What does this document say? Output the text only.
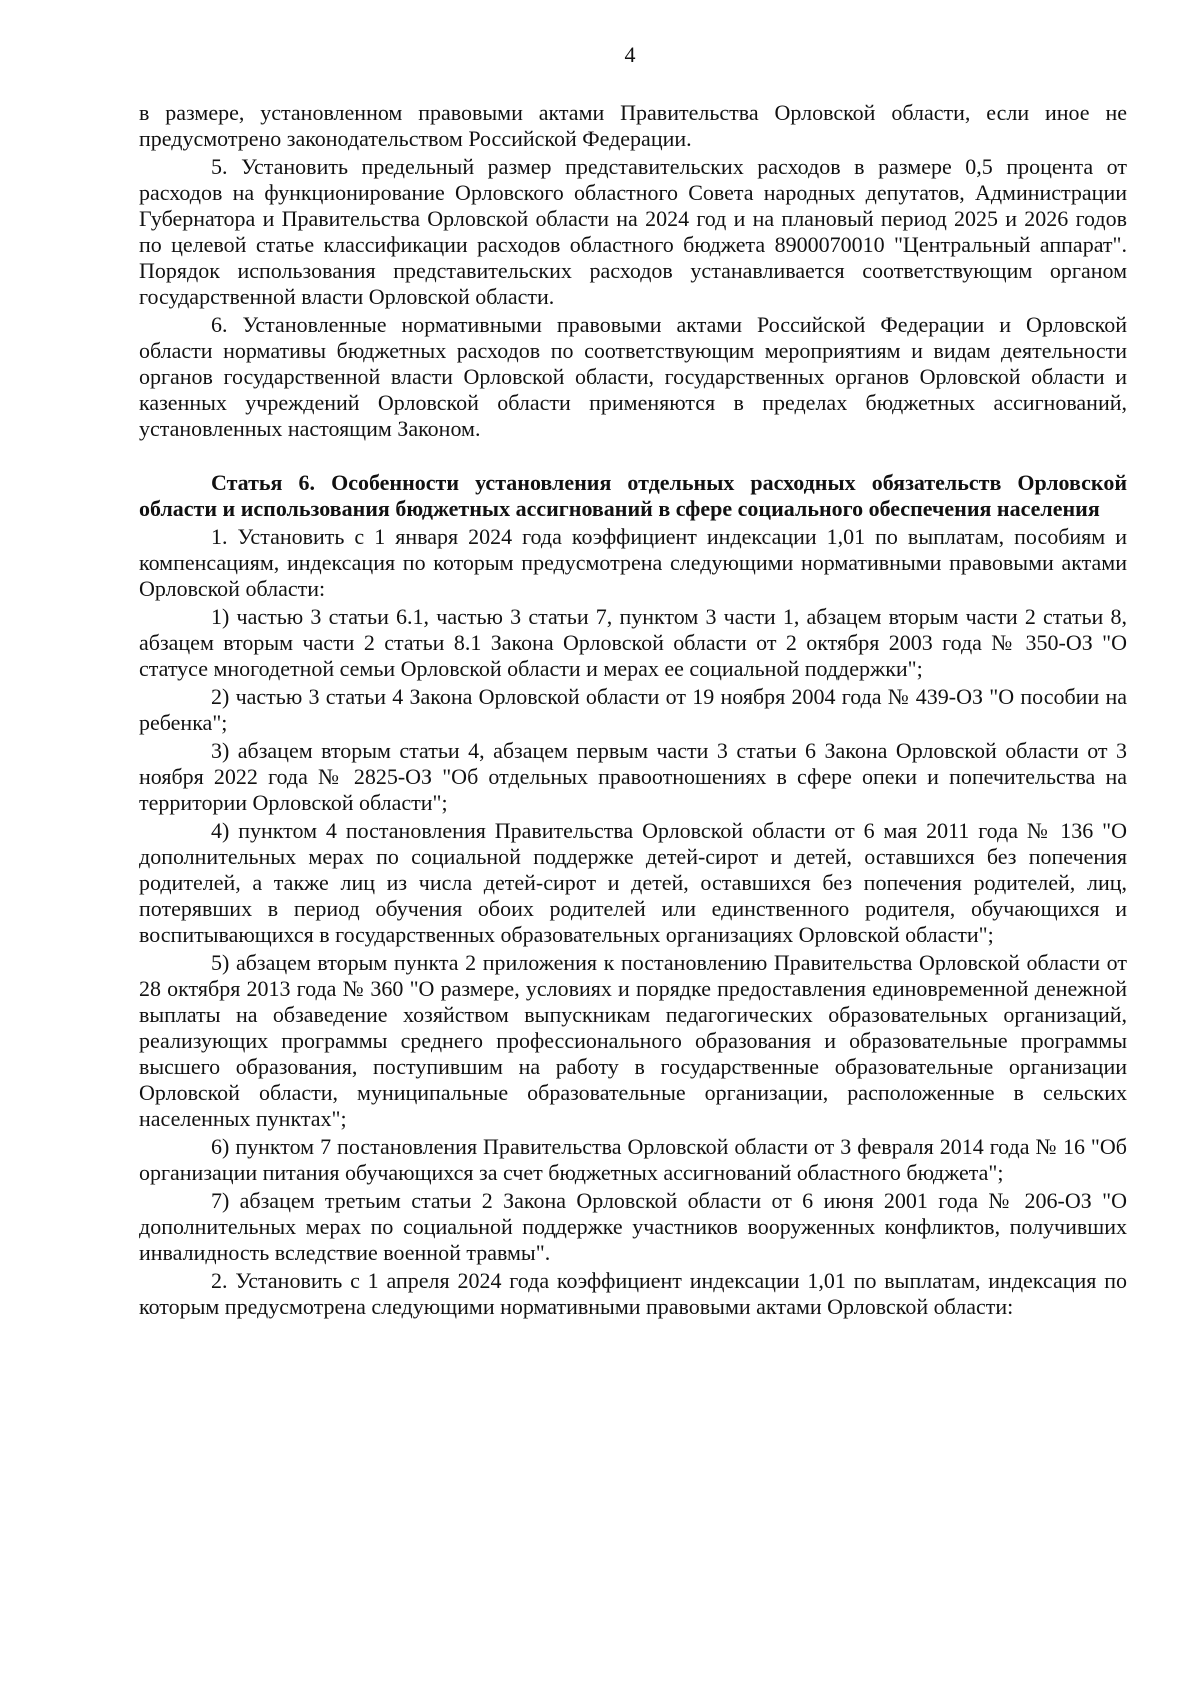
4

в размере, установленном правовыми актами Правительства Орловской области, если иное не предусмотрено законодательством Российской Федерации.

5. Установить предельный размер представительских расходов в размере 0,5 процента от расходов на функционирование Орловского областного Совета народных депутатов, Администрации Губернатора и Правительства Орловской области на 2024 год и на плановый период 2025 и 2026 годов по целевой статье классификации расходов областного бюджета 8900070010 "Центральный аппарат". Порядок использования представительских расходов устанавливается соответствующим органом государственной власти Орловской области.

6. Установленные нормативными правовыми актами Российской Федерации и Орловской области нормативы бюджетных расходов по соответствующим мероприятиям и видам деятельности органов государственной власти Орловской области, государственных органов Орловской области и казенных учреждений Орловской области применяются в пределах бюджетных ассигнований, установленных настоящим Законом.

Статья 6. Особенности установления отдельных расходных обязательств Орловской области и использования бюджетных ассигнований в сфере социального обеспечения населения

1. Установить с 1 января 2024 года коэффициент индексации 1,01 по выплатам, пособиям и компенсациям, индексация по которым предусмотрена следующими нормативными правовыми актами Орловской области:

1) частью 3 статьи 6.1, частью 3 статьи 7, пунктом 3 части 1, абзацем вторым части 2 статьи 8, абзацем вторым части 2 статьи 8.1 Закона Орловской области от 2 октября 2003 года № 350-ОЗ "О статусе многодетной семьи Орловской области и мерах ее социальной поддержки";

2) частью 3 статьи 4 Закона Орловской области от 19 ноября 2004 года № 439-ОЗ "О пособии на ребенка";

3) абзацем вторым статьи 4, абзацем первым части 3 статьи 6 Закона Орловской области от 3 ноября 2022 года № 2825-ОЗ "Об отдельных правоотношениях в сфере опеки и попечительства на территории Орловской области";

4) пунктом 4 постановления Правительства Орловской области от 6 мая 2011 года № 136 "О дополнительных мерах по социальной поддержке детей-сирот и детей, оставшихся без попечения родителей, а также лиц из числа детей-сирот и детей, оставшихся без попечения родителей, лиц, потерявших в период обучения обоих родителей или единственного родителя, обучающихся и воспитывающихся в государственных образовательных организациях Орловской области";

5) абзацем вторым пункта 2 приложения к постановлению Правительства Орловской области от 28 октября 2013 года № 360 "О размере, условиях и порядке предоставления единовременной денежной выплаты на обзаведение хозяйством выпускникам педагогических образовательных организаций, реализующих программы среднего профессионального образования и образовательные программы высшего образования, поступившим на работу в государственные образовательные организации Орловской области, муниципальные образовательные организации, расположенные в сельских населенных пунктах";

6) пунктом 7 постановления Правительства Орловской области от 3 февраля 2014 года № 16 "Об организации питания обучающихся за счет бюджетных ассигнований областного бюджета";

7) абзацем третьим статьи 2 Закона Орловской области от 6 июня 2001 года № 206-ОЗ "О дополнительных мерах по социальной поддержке участников вооруженных конфликтов, получивших инвалидность вследствие военной травмы".

2. Установить с 1 апреля 2024 года коэффициент индексации 1,01 по выплатам, индексация по которым предусмотрена следующими нормативными правовыми актами Орловской области:
